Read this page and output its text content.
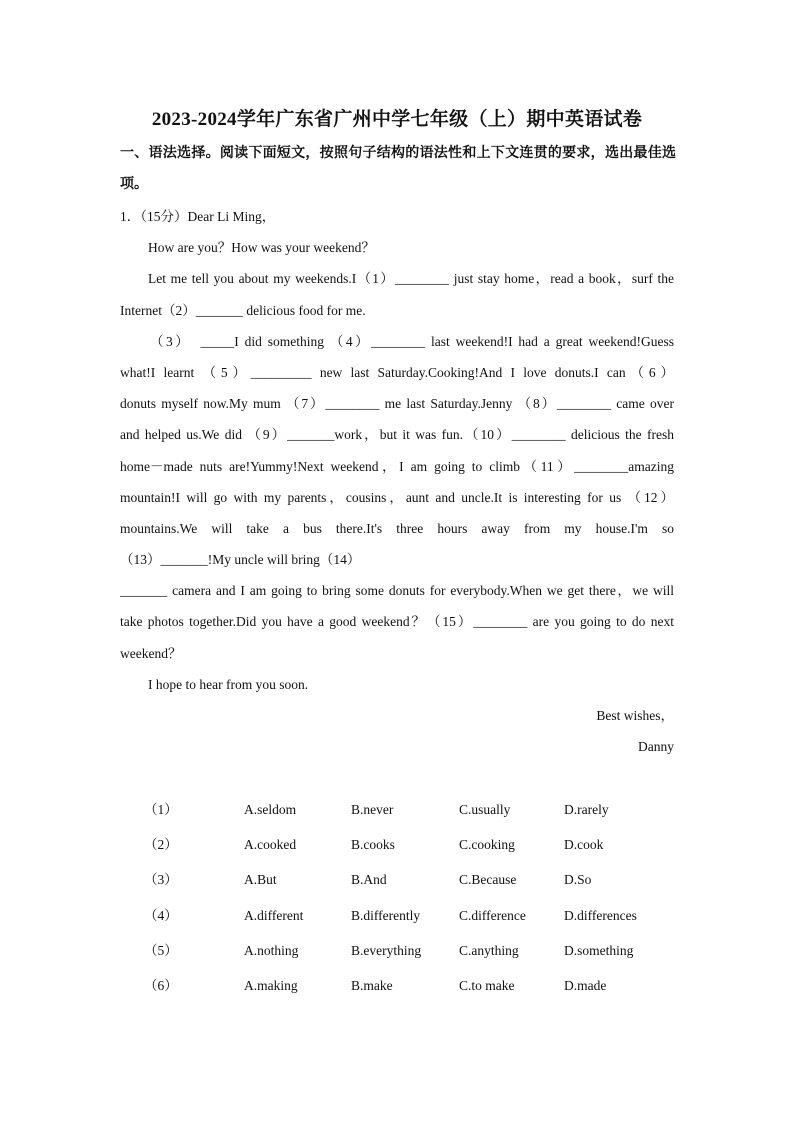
2023-2024学年广东省广州中学七年级（上）期中英语试卷
一、语法选择。阅读下面短文，按照句子结构的语法性和上下文连贯的要求，选出最佳选项。
1．（15分）Dear Li Ming，
How are you？How was your weekend？
Let me tell you about my weekends.I（1）________ just stay home，read a book，surf the
Internet（2）_______ delicious food for me.
（3）　_____I did something （4）________ last weekend!I had a great weekend!Guess
what!I learnt （5）_________ new last Saturday.Cooking!And I love donuts.I can（6）
donuts myself now.My mum （7）________ me last Saturday.Jenny （8）________ came over
and helped us.We did （9）_______work，but it was fun.（10）________ delicious the fresh
home－made nuts are!Yummy!Next weekend，I am going to climb（11）________amazing
mountain!I will go with my parents，cousins，aunt and uncle.It is interesting for us （12）
mountains.We will take a bus there.It's three hours away from my house.I'm so
（13）_______!My uncle will bring（14）
_______ camera and I am going to bring some donuts for everybody.When we get there，we will
take photos together.Did you have a good weekend？（15）________ are you going to do next
weekend？
I hope to hear from you soon.
Best wishes，
Danny
（1）	A.seldom	B.never	C.usually	D.rarely
（2）	A.cooked	B.cooks	C.cooking	D.cook
（3）	A.But	B.And	C.Because	D.So
（4）	A.different	B.differently	C.difference	D.differences
（5）	A.nothing	B.everything	C.anything	D.something
（6）	A.making	B.make	C.to make	D.made
